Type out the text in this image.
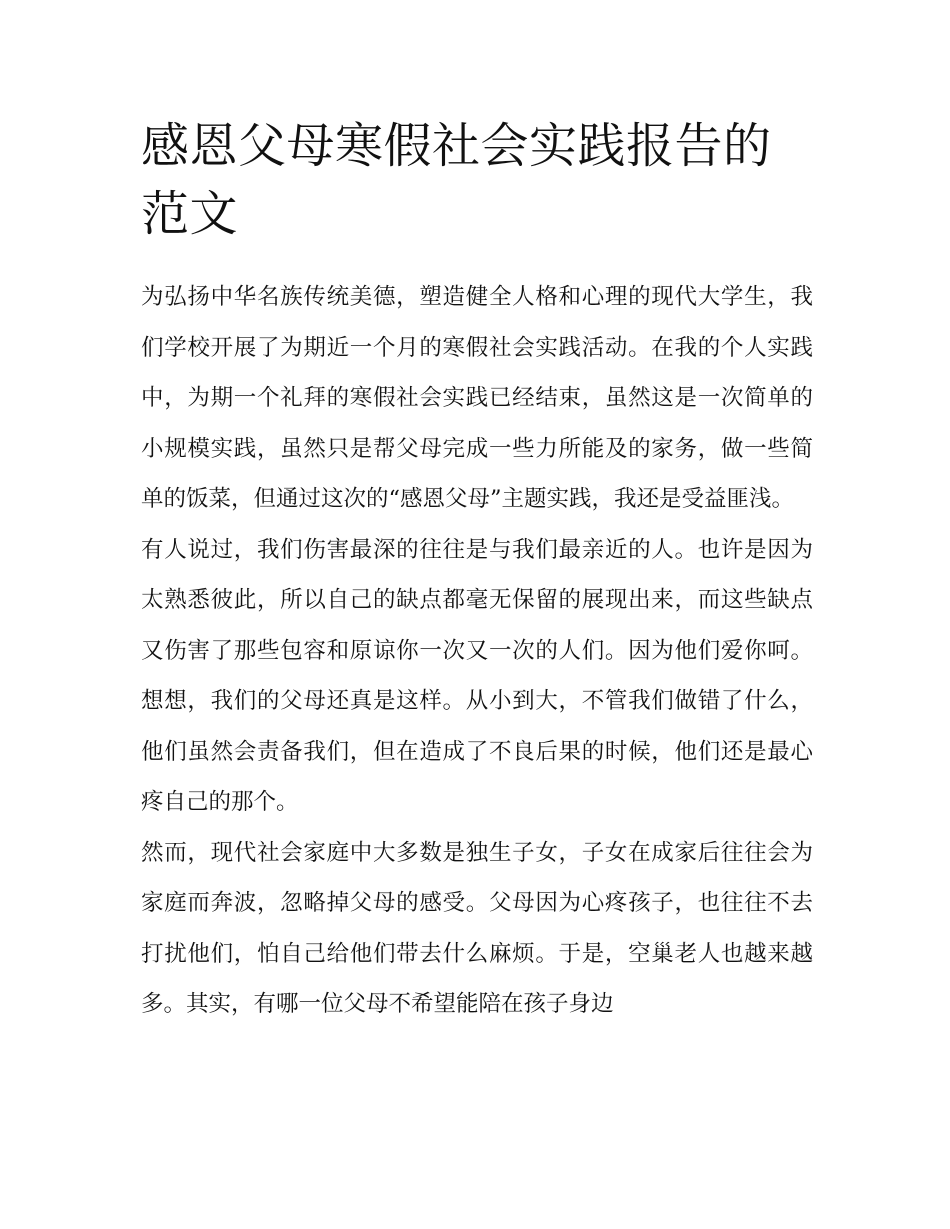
感恩父母寒假社会实践报告的范文

为弘扬中华名族传统美德，塑造健全人格和心理的现代大学生，我们学校开展了为期近一个月的寒假社会实践活动。在我的个人实践中，为期一个礼拜的寒假社会实践已经结束，虽然这是一次简单的小规模实践，虽然只是帮父母完成一些力所能及的家务，做一些简单的饭菜，但通过这次的“感恩父母”主题实践，我还是受益匪浅。

有人说过，我们伤害最深的往往是与我们最亲近的人。也许是因为太熟悉彼此，所以自己的缺点都毫无保留的展现出来，而这些缺点又伤害了那些包容和原谅你一次又一次的人们。因为他们爱你呵。想想，我们的父母还真是这样。从小到大，不管我们做错了什么，他们虽然会责备我们，但在造成了不良后果的时候，他们还是最心疼自己的那个。

然而，现代社会家庭中大多数是独生子女，子女在成家后往往会为家庭而奔波，忽略掉父母的感受。父母因为心疼孩子，也往往不去打扰他们，怕自己给他们带去什么麻烦。于是，空巢老人也越来越多。其实，有哪一位父母不希望能陪在孩子身边
